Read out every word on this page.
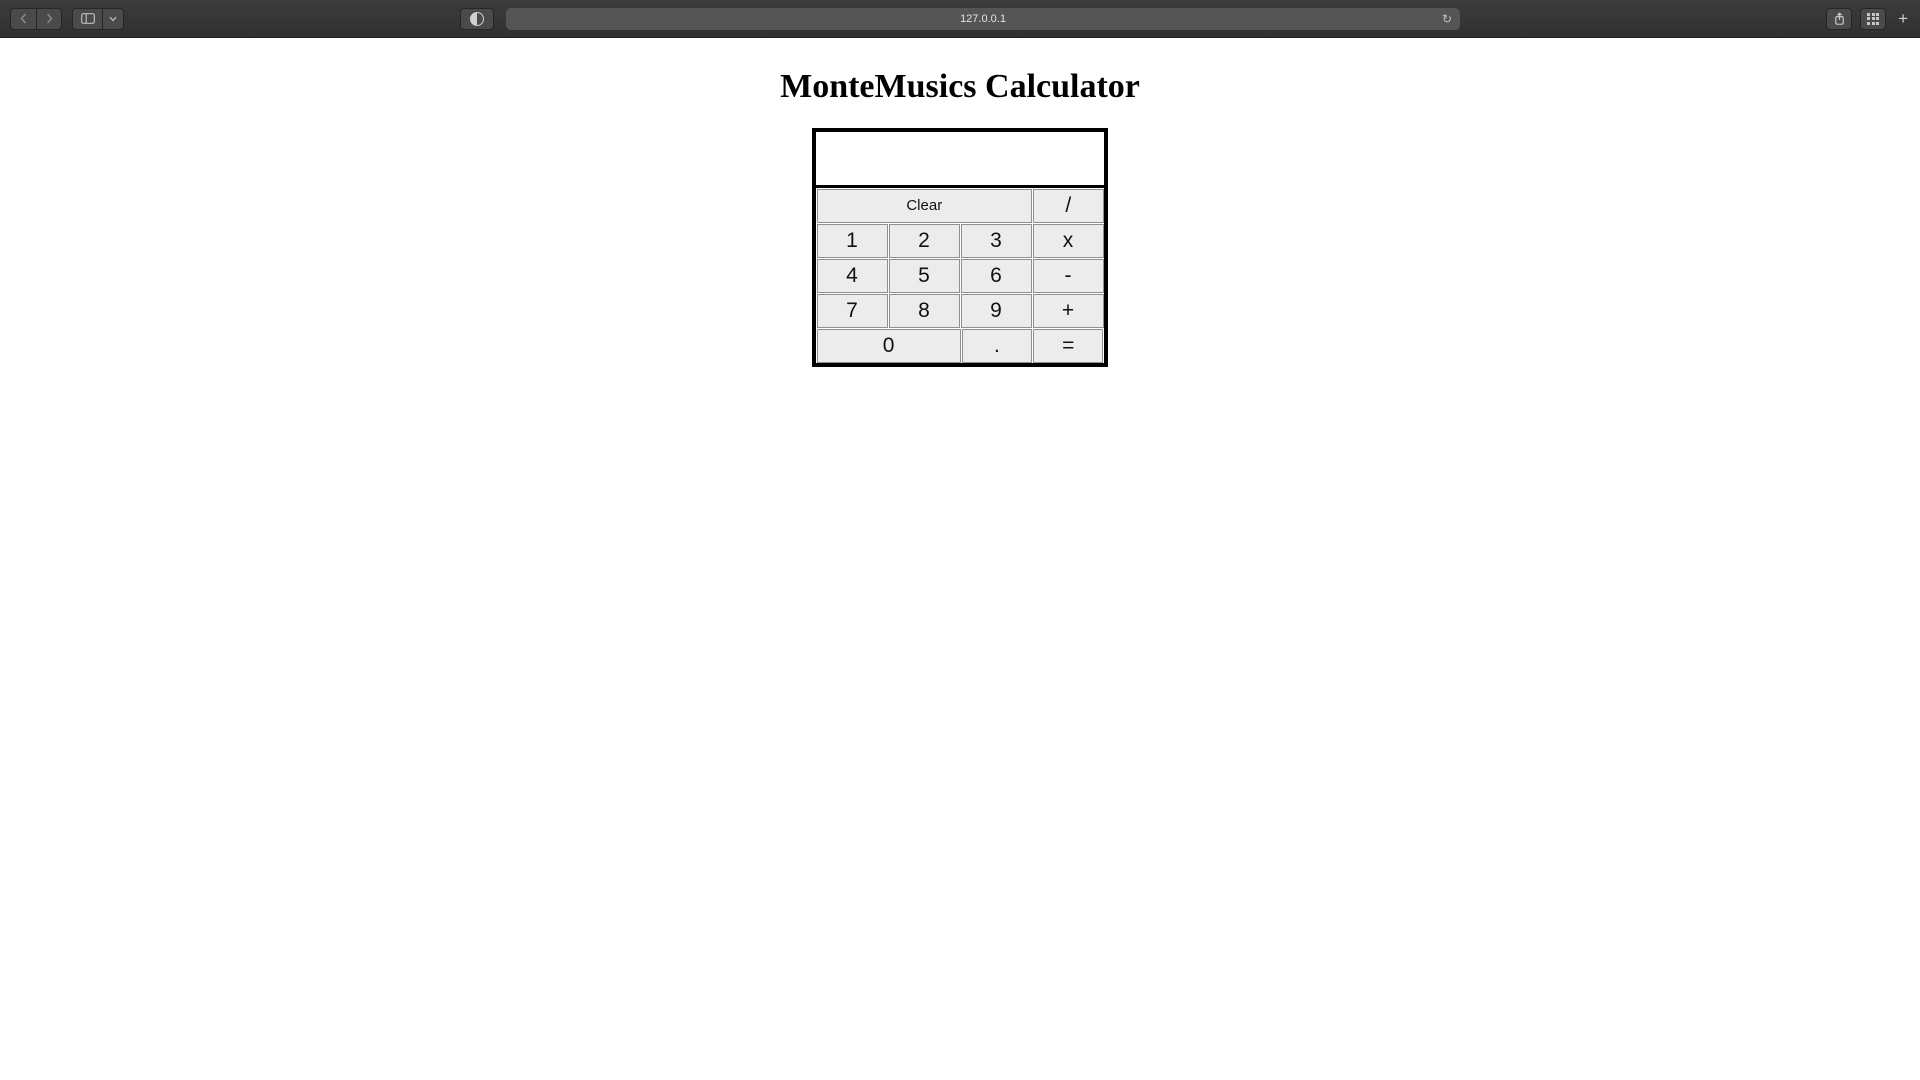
127.0.0.1	↻	+
MonteMusics Calculator
Clear	/
1	2	3	x
4	5	6	-
7	8	9	+
0	.	=
